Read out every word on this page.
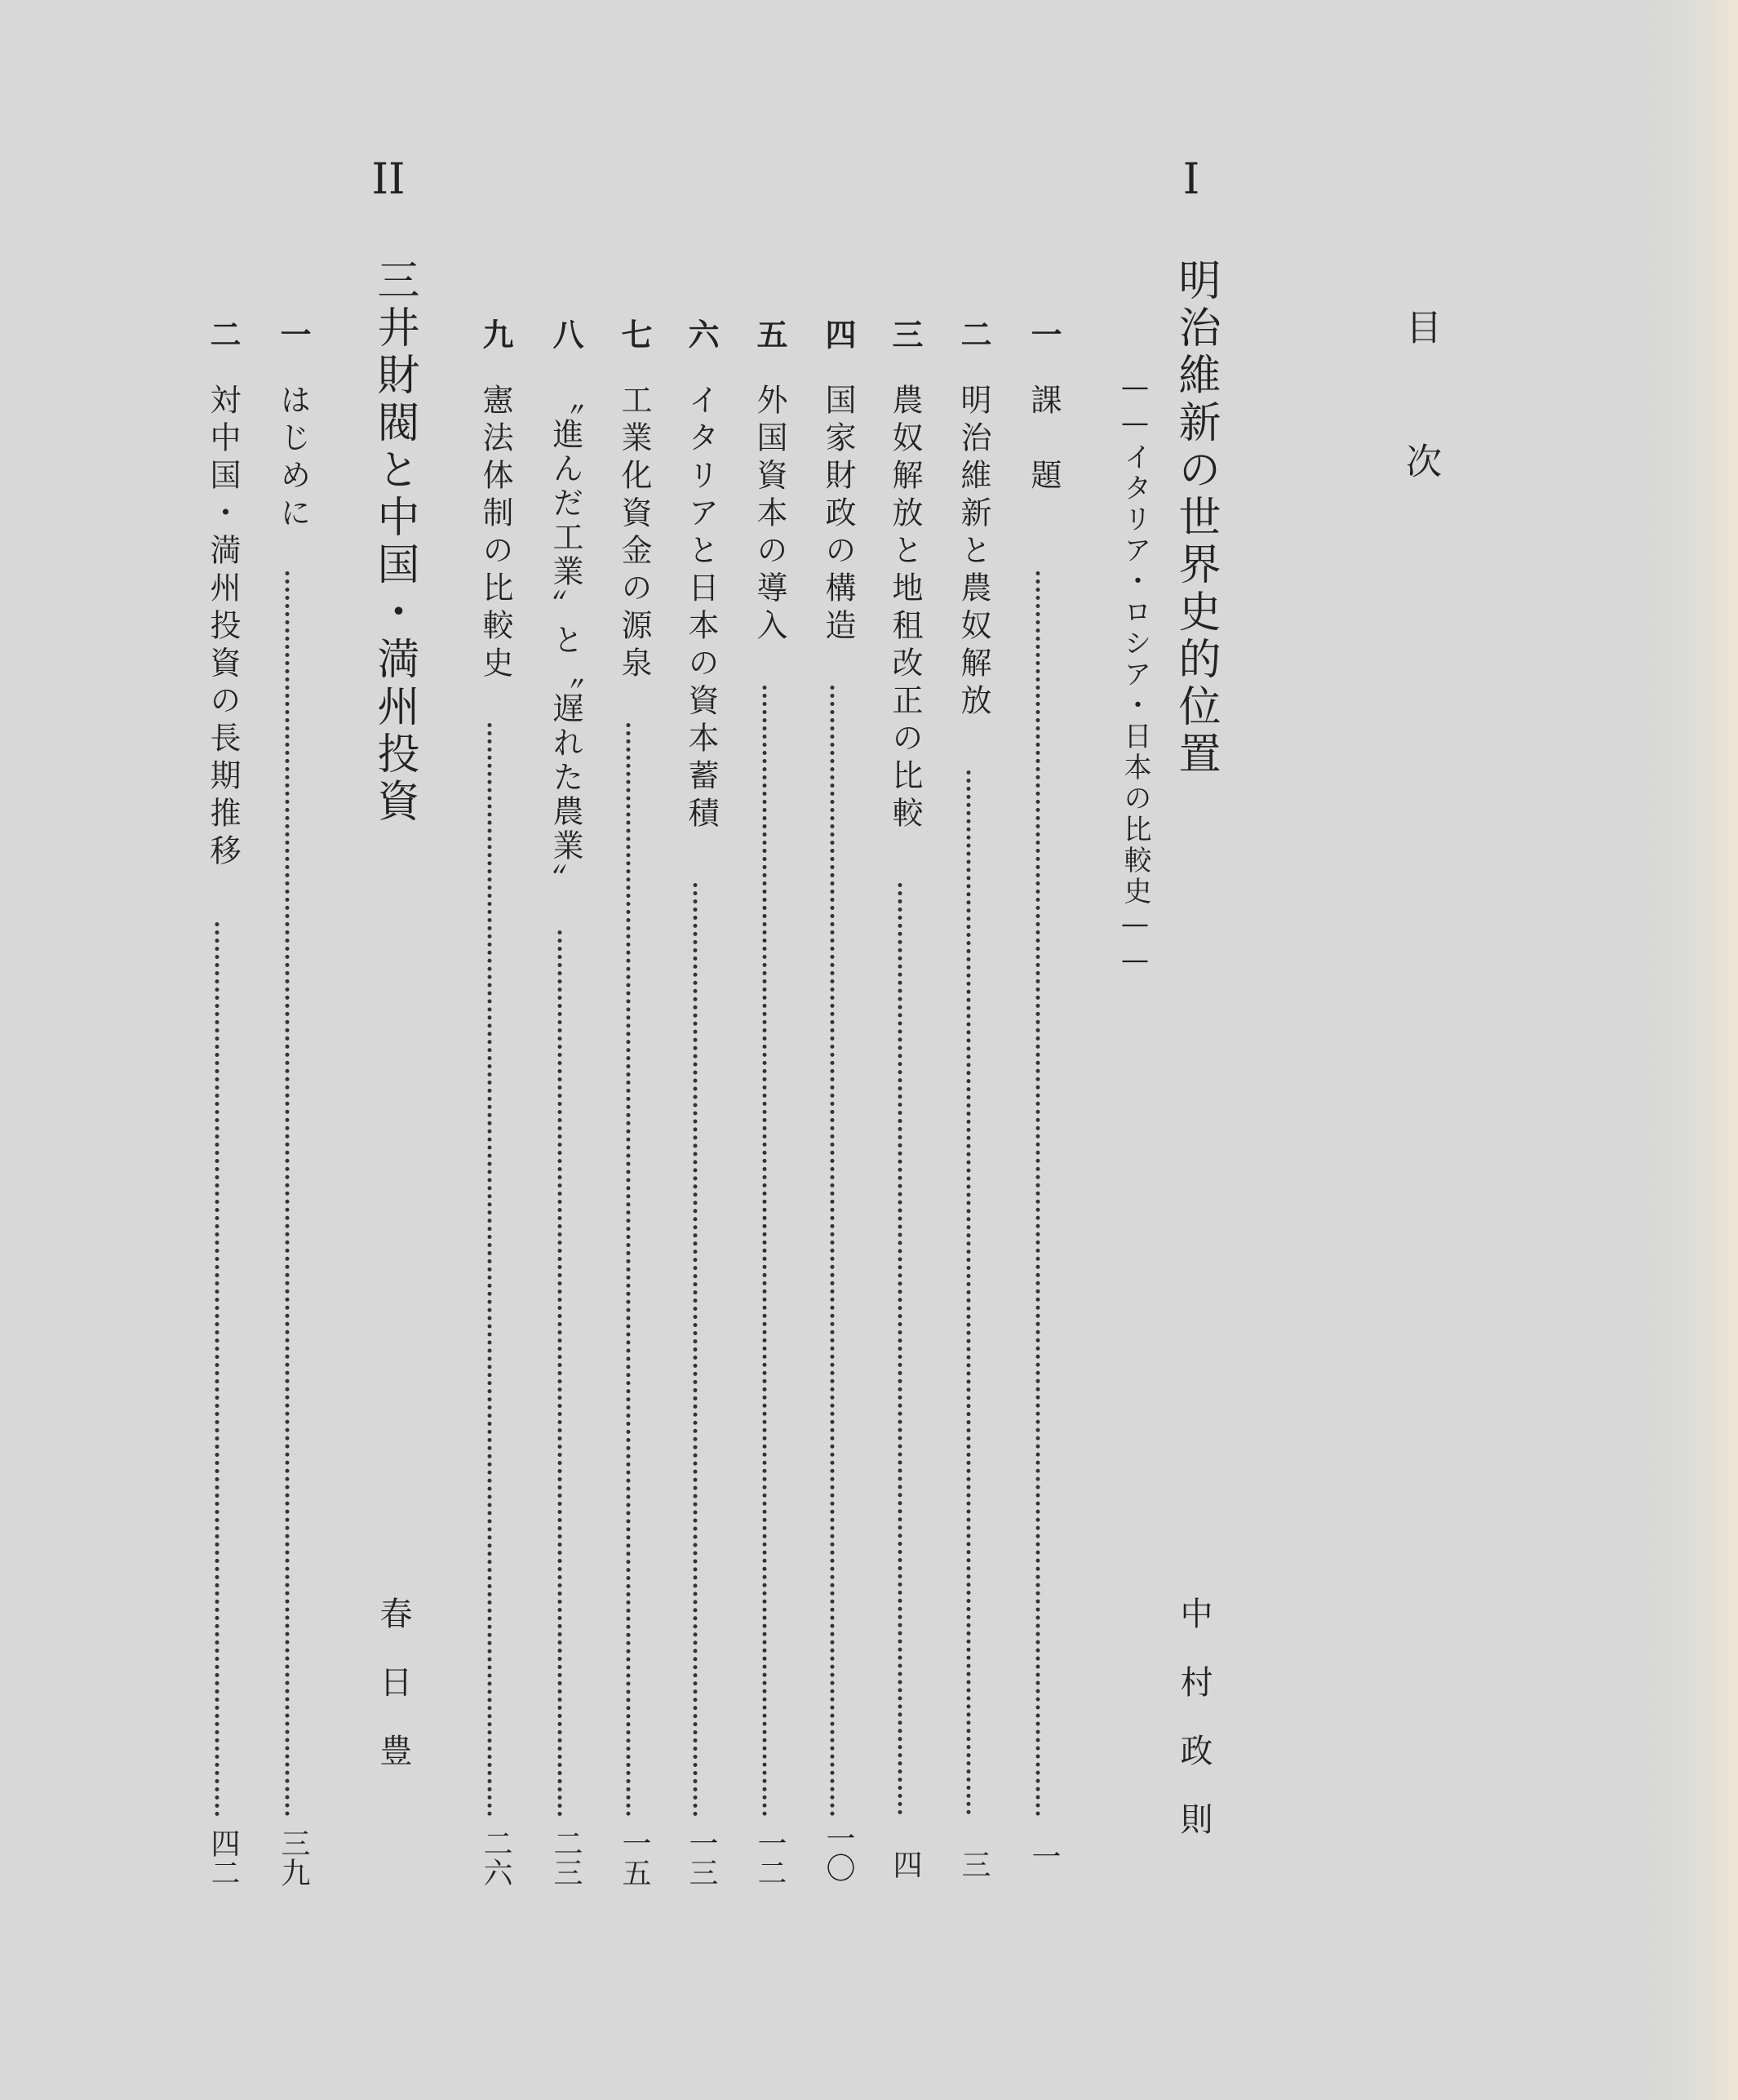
目
次
I
明治維新の世界史的位置
——イタリア・ロシア・日本の比較史——
中村政則
一
課　題
一
二
明治維新と農奴解放
三
三
農奴解放と地租改正の比較
四
四
国家財政の構造
一〇
五
外国資本の導入
一二
六
イタリアと日本の資本蓄積
一三
七
工業化資金の源泉
一五
八
〝進んだ工業〟と〝遅れた農業〟
二三
九
憲法体制の比較史
二六
II
三井財閥と中国・満州投資
春日豊
一
はじめに
三九
二
対中国・満州投資の長期推移
四二
